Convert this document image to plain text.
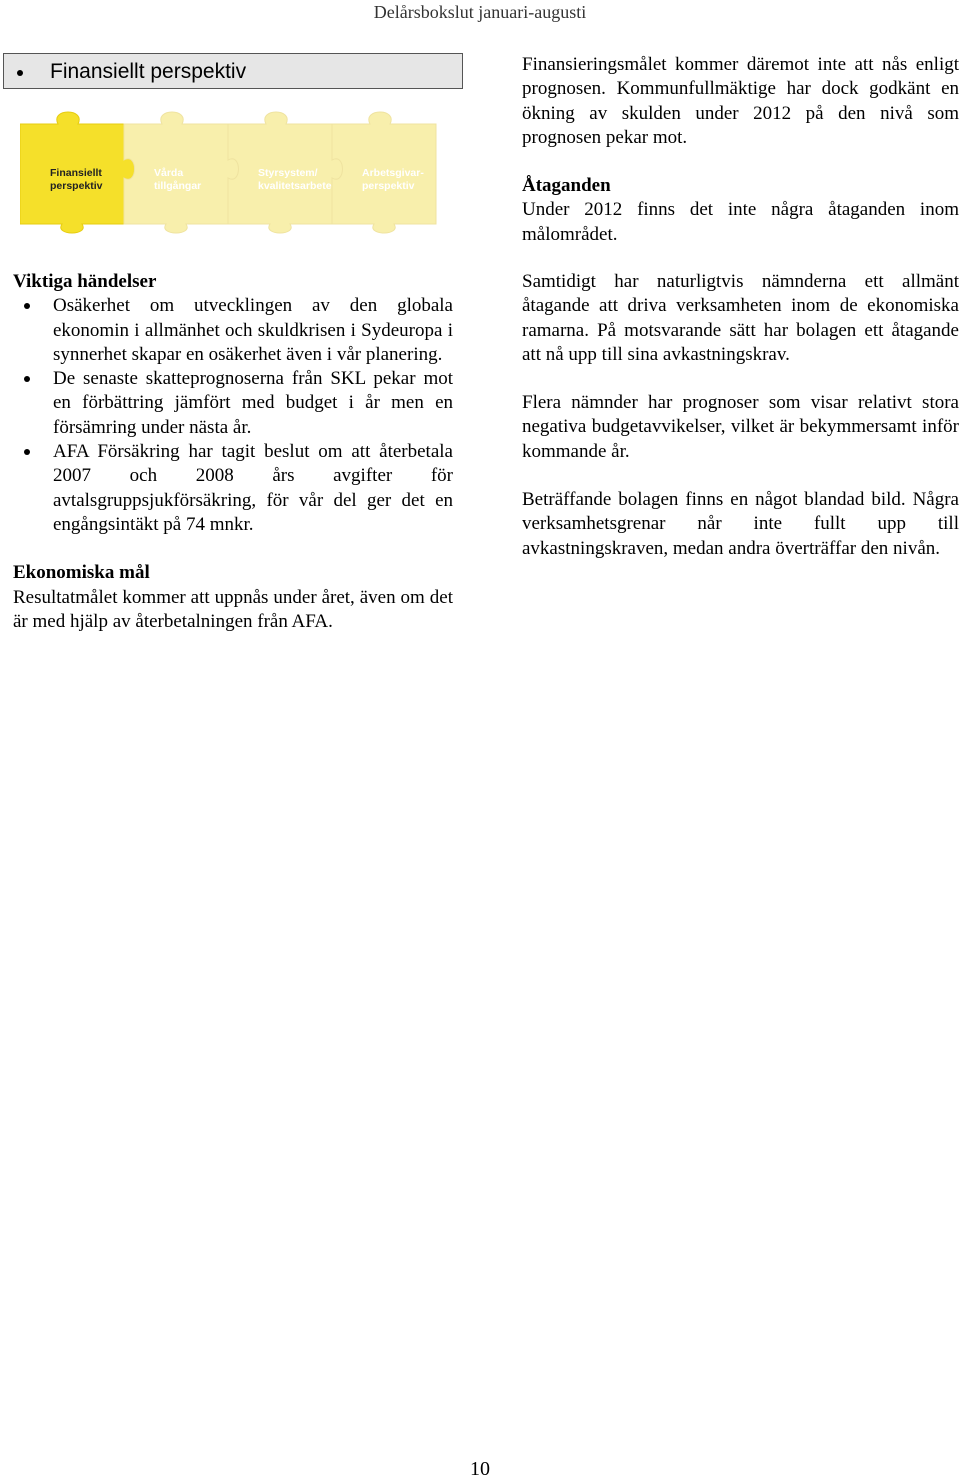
Delårsbokslut januari-augusti
Finansiellt perspektiv
Finansiellt
perspektiv
Vårda
tillgångar
Styrsystem/
kvalitetsarbete
Arbetsgivar-
perspektiv
Viktiga händelser
Osäkerhet om utvecklingen av den globala ekonomin i allmänhet och skuldkrisen i Sydeuropa i synnerhet skapar en osäkerhet även i vår planering.
De senaste skatteprognoserna från SKL pekar mot en förbättring jämfört med budget i år men en försämring under nästa år.
AFA Försäkring har tagit beslut om att återbetala 2007 och 2008 års avgifter för avtalsgruppsjukförsäkring, för vår del ger det en engångsintäkt på 74 mnkr.
Ekonomiska mål

Resultatmålet kommer att uppnås under året, även om det är med hjälp av återbetalningen från AFA.

Finansieringsmålet kommer däremot inte att nås enligt prognosen. Kommunfullmäktige har dock godkänt en ökning av skulden under 2012 på den nivå som prognosen pekar mot.

Åtaganden

Under 2012 finns det inte några åtaganden inom målområdet.

Samtidigt har naturligtvis nämnderna ett allmänt åtagande att driva verksamheten inom de ekonomiska ramarna. På motsvarande sätt har bolagen ett åtagande att nå upp till sina avkastningskrav.

Flera nämnder har prognoser som visar relativt stora negativa budgetavvikelser, vilket är bekymmersamt inför kommande år.

Beträffande bolagen finns en något blandad bild. Några verksamhetsgrenar når inte fullt upp till avkastningskraven, medan andra överträffar den nivån.

10
